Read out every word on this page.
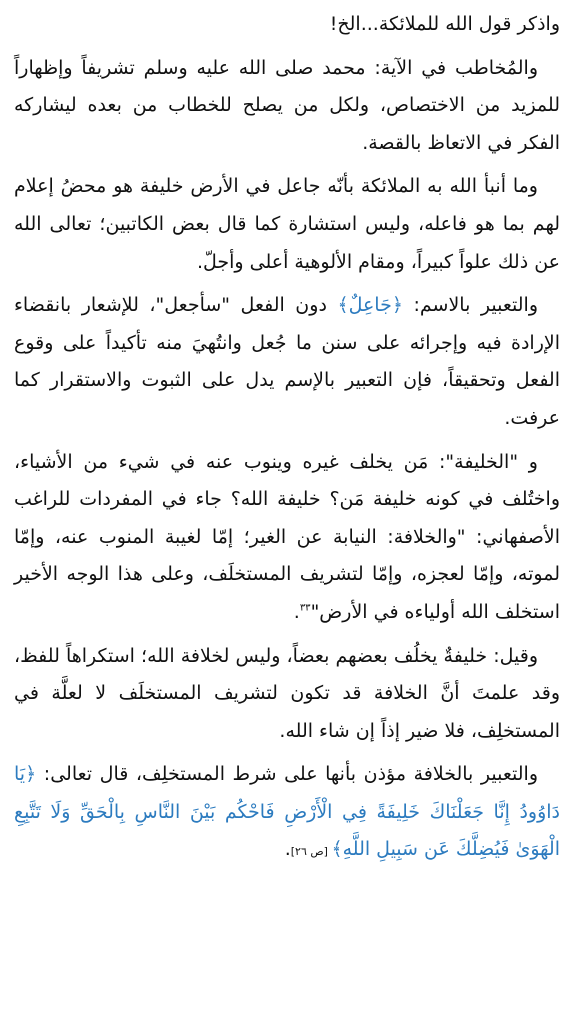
واذكر قول الله للملائكة...الخ!

والمُخاطب في الآية: محمد صلى الله عليه وسلم تشريفاً وإظهاراً للمزيد من الاختصاص، ولكل من يصلح للخطاب من بعده ليشاركه الفكر في الاتعاظ بالقصة.

وما أنبأ الله به الملائكة بأنّه جاعل في الأرض خليفة هو محضُ إعلام لهم بما هو فاعله، وليس استشارة كما قال بعض الكاتبين؛ تعالى الله عن ذلك علواً كبيراً، ومقام الألوهية أعلى وأجلّ.

والتعبير بالاسم: ﴿جَاعِلٌ﴾ دون الفعل "سأجعل"، للإشعار بانقضاء الإرادة فيه وإجرائه على سنن ما جُعل وانتُهيَ منه تأكيداً على وقوع الفعل وتحقيقاً، فإن التعبير بالإسم يدل على الثبوت والاستقرار كما عرفت.

و "الخليفة": مَن يخلف غيره وينوب عنه في شيء من الأشياء، واختُلف في كونه خليفة مَن؟ خليفة الله؟ جاء في المفردات للراغب الأصفهاني: "والخلافة: النيابة عن الغير؛ إمّا لغيبة المنوب عنه، وإمّا لموته، وإمّا لعجزه، وإمّا لتشريف المستخلَف، وعلى هذا الوجه الأخير استخلف الله أولياءه في الأرض"$^{٣٣}$.

وقيل: خليفةٌ يخلُف بعضهم بعضاً، وليس لخلافة الله؛ استكراهاً للفظ، وقد علمتَ أنَّ الخلافة قد تكون لتشريف المستخلَف لا لعلَّة في المستخلِف، فلا ضير إذاً إن شاء الله.

والتعبير بالخلافة مؤذن بأنها على شرط المستخلِف، قال تعالى: ﴿يَا دَاوُودُ إِنَّا جَعَلْنَاكَ خَلِيفَةً فِي الْأَرْضِ فَاحْكُم بَيْنَ النَّاسِ بِالْحَقِّ وَلَا تَتَّبِعِ الْهَوَىٰ فَيُضِلَّكَ عَن سَبِيلِ اللَّهِ﴾ [ص ٢٦].
